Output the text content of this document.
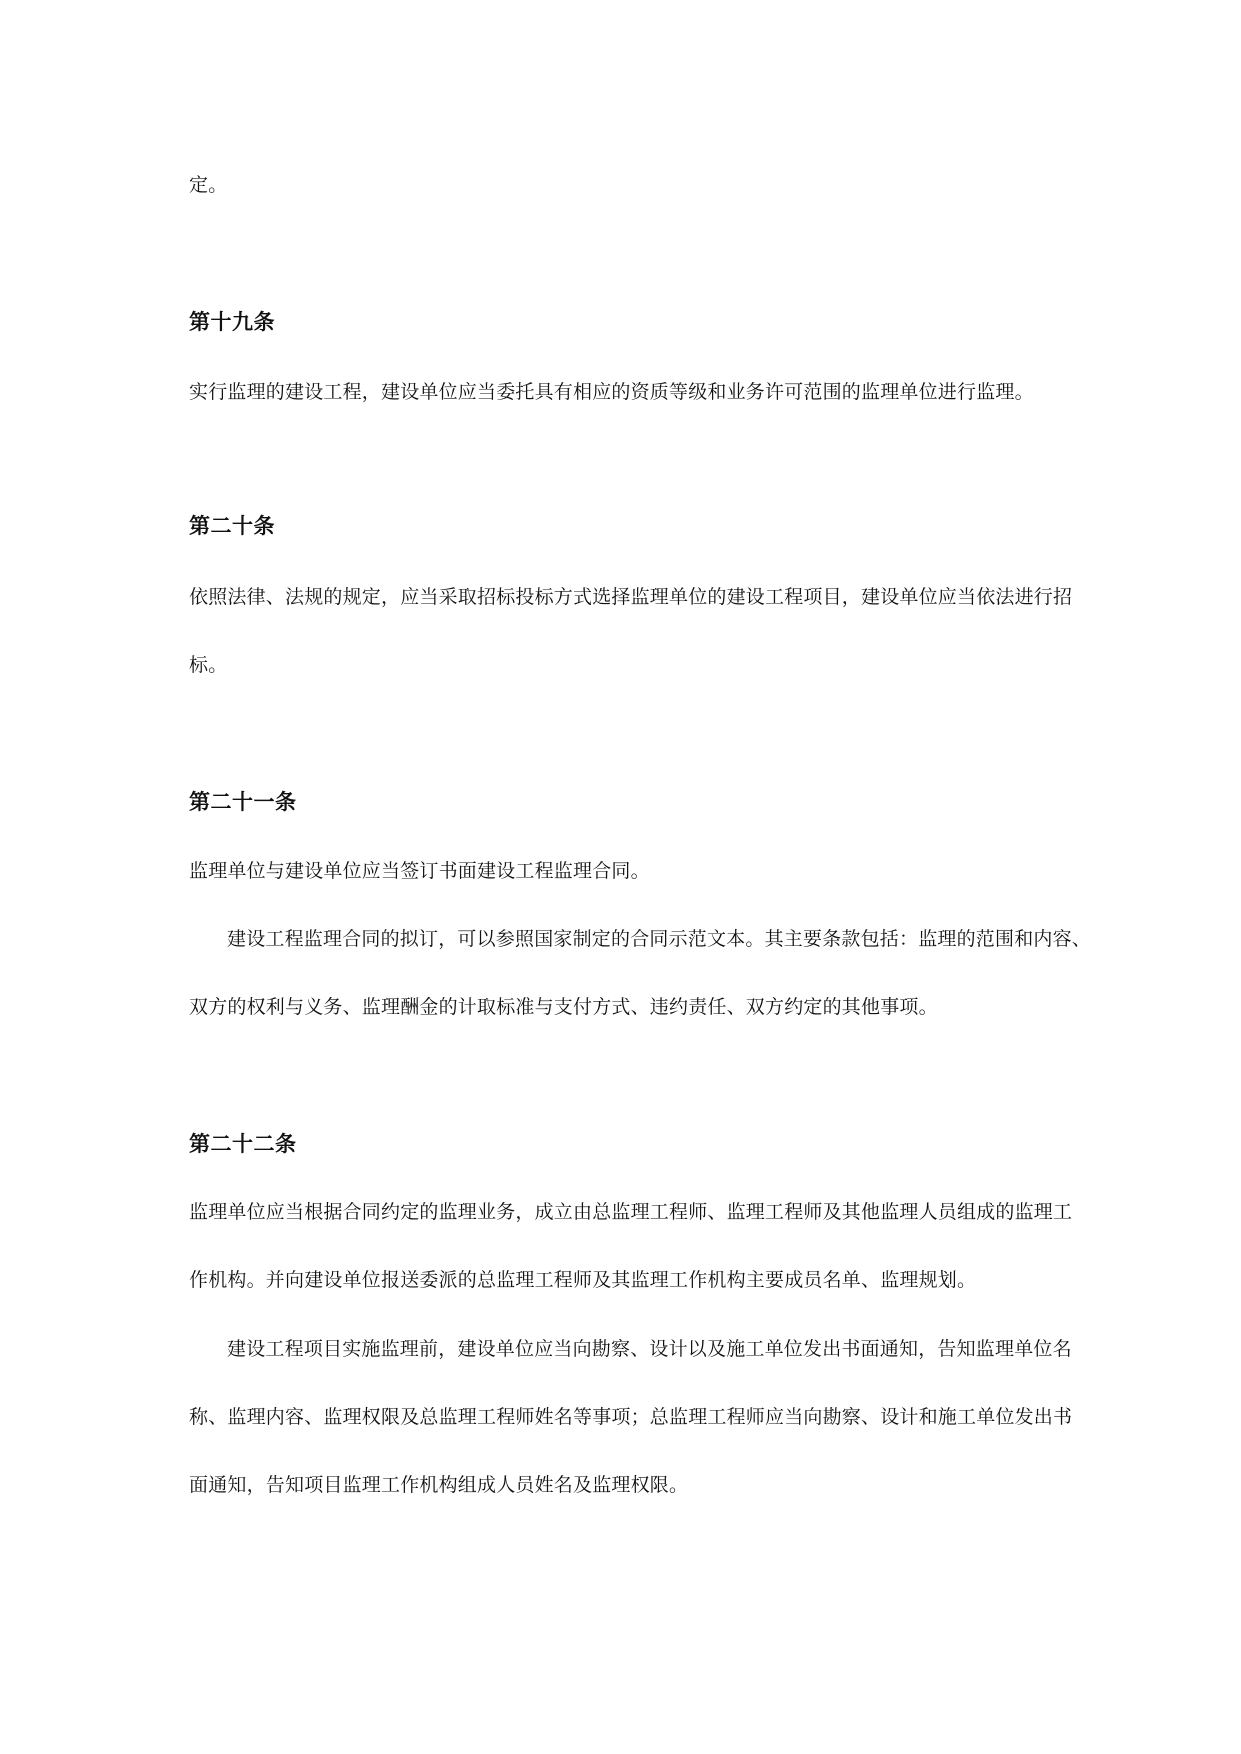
定。
第十九条
实行监理的建设工程，建设单位应当委托具有相应的资质等级和业务许可范围的监理单位进行监理。
第二十条
依照法律、法规的规定，应当采取招标投标方式选择监理单位的建设工程项目，建设单位应当依法进行招
标。
第二十一条
监理单位与建设单位应当签订书面建设工程监理合同。
建设工程监理合同的拟订，可以参照国家制定的合同示范文本。其主要条款包括：监理的范围和内容、
双方的权利与义务、监理酬金的计取标准与支付方式、违约责任、双方约定的其他事项。
第二十二条
监理单位应当根据合同约定的监理业务，成立由总监理工程师、监理工程师及其他监理人员组成的监理工
作机构。并向建设单位报送委派的总监理工程师及其监理工作机构主要成员名单、监理规划。
建设工程项目实施监理前，建设单位应当向勘察、设计以及施工单位发出书面通知，告知监理单位名
称、监理内容、监理权限及总监理工程师姓名等事项；总监理工程师应当向勘察、设计和施工单位发出书
面通知，告知项目监理工作机构组成人员姓名及监理权限。
